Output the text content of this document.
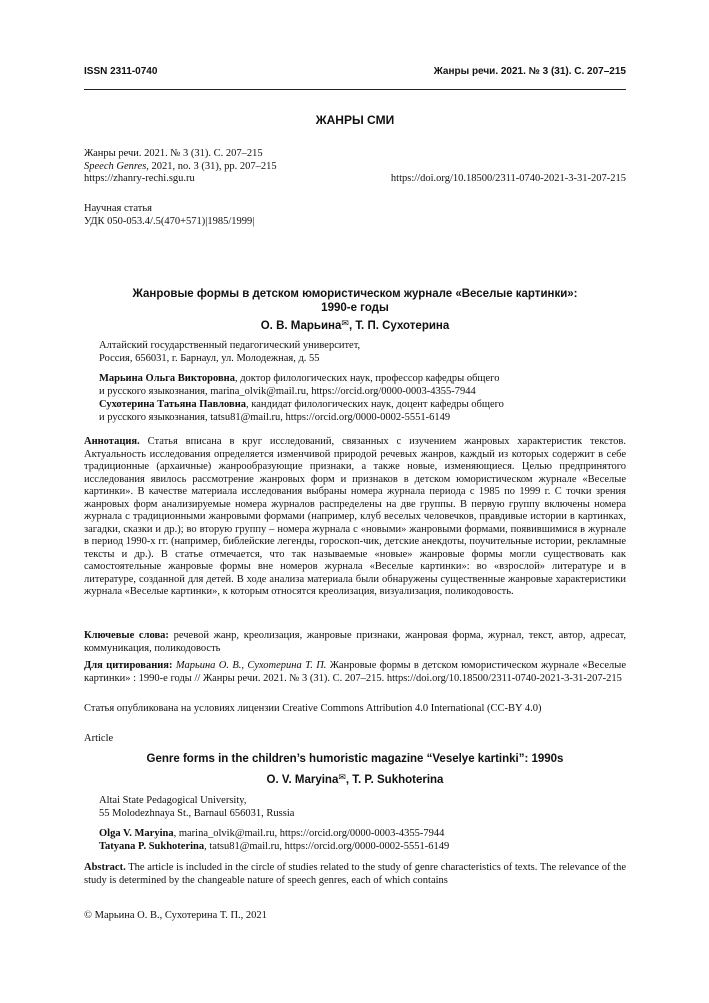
ISSN 2311-0740	Жанры речи. 2021. № 3 (31). С. 207–215
ЖАНРЫ СМИ
Жанры речи. 2021. № 3 (31). С. 207–215
Speech Genres, 2021, no. 3 (31), pp. 207–215
https://zhanry-rechi.sgu.ru	https://doi.org/10.18500/2311-0740-2021-3-31-207-215
Научная статья
УДК 050-053.4/.5(470+571)|1985/1999|
Жанровые формы в детском юмористическом журнале «Веселые картинки»:
1990-е годы
О. В. Марьина✉, Т. П. Сухотерина
Алтайский государственный педагогический университет,
Россия, 656031, г. Барнаул, ул. Молодежная, д. 55
Марьина Ольга Викторовна, доктор филологических наук, профессор кафедры общего
и русского языкознания, marina_olvik@mail.ru, https://orcid.org/0000-0003-4355-7944
Сухотерина Татьяна Павловна, кандидат филологических наук, доцент кафедры общего
и русского языкознания, tatsu81@mail.ru, https://orcid.org/0000-0002-5551-6149

Аннотация. Статья вписана в круг исследований, связанных с изучением жанровых характеристик текстов. Актуальность исследования определяется изменчивой природой речевых жанров, каждый из которых содержит в себе традиционные (архаичные) жанрообразующие признаки, а также новые, изменяющиеся. Целью предпринятого исследования явилось рассмотрение жанровых форм и признаков в детском юмористическом журнале «Веселые картинки». В качестве материала исследования выбраны номера журнала периода с 1985 по 1999 г. С точки зрения жанровых форм анализируемые номера журналов распределены на две группы. В первую группу включены номера журнала с традиционными жанровыми формами (например, клуб веселых человечков, правдивые истории в картинках, загадки, сказки и др.); во вторую группу – номера журнала с «новыми» жанровыми формами, появившимися в журнале в период 1990-х гг. (например, библейские легенды, гороскоп-чик, детские анекдоты, поучительные истории, рекламные тексты и др.). В статье отмечается, что так называемые «новые» жанровые формы могли существовать как самостоятельные жанровые формы вне номеров журнала «Веселые картинки»: во «взрослой» литературе и в литературе, созданной для детей. В ходе анализа материала были обнаружены существенные жанровые характеристики журнала «Веселые картинки», к которым относятся креолизация, визуализация, поликодовость.

Ключевые слова: речевой жанр, креолизация, жанровые признаки, жанровая форма, журнал, текст, автор, адресат, коммуникация, поликодовость
Для цитирования: Марьина О. В., Сухотерина Т. П. Жанровые формы в детском юмористическом журнале «Веселые картинки» : 1990-е годы // Жанры речи. 2021. № 3 (31). С. 207–215. https://doi.org/10.18500/2311-0740-2021-3-31-207-215
Статья опубликована на условиях лицензии Creative Commons Attribution 4.0 International (CC-BY 4.0)
Article
Genre forms in the children’s humoristic magazine “Veselye kartinki”: 1990s
O. V. Maryina✉, T. P. Sukhoterina
Altai State Pedagogical University,
55 Molodezhnaya St., Barnaul 656031, Russia
Olga V. Maryina, marina_olvik@mail.ru, https://orcid.org/0000-0003-4355-7944
Tatyana P. Sukhoterina, tatsu81@mail.ru, https://orcid.org/0000-0002-5551-6149
Abstract. The article is included in the circle of studies related to the study of genre characteristics of texts. The relevance of the study is determined by the changeable nature of speech genres, each of which contains
© Марьина О. В., Сухотерина Т. П., 2021
